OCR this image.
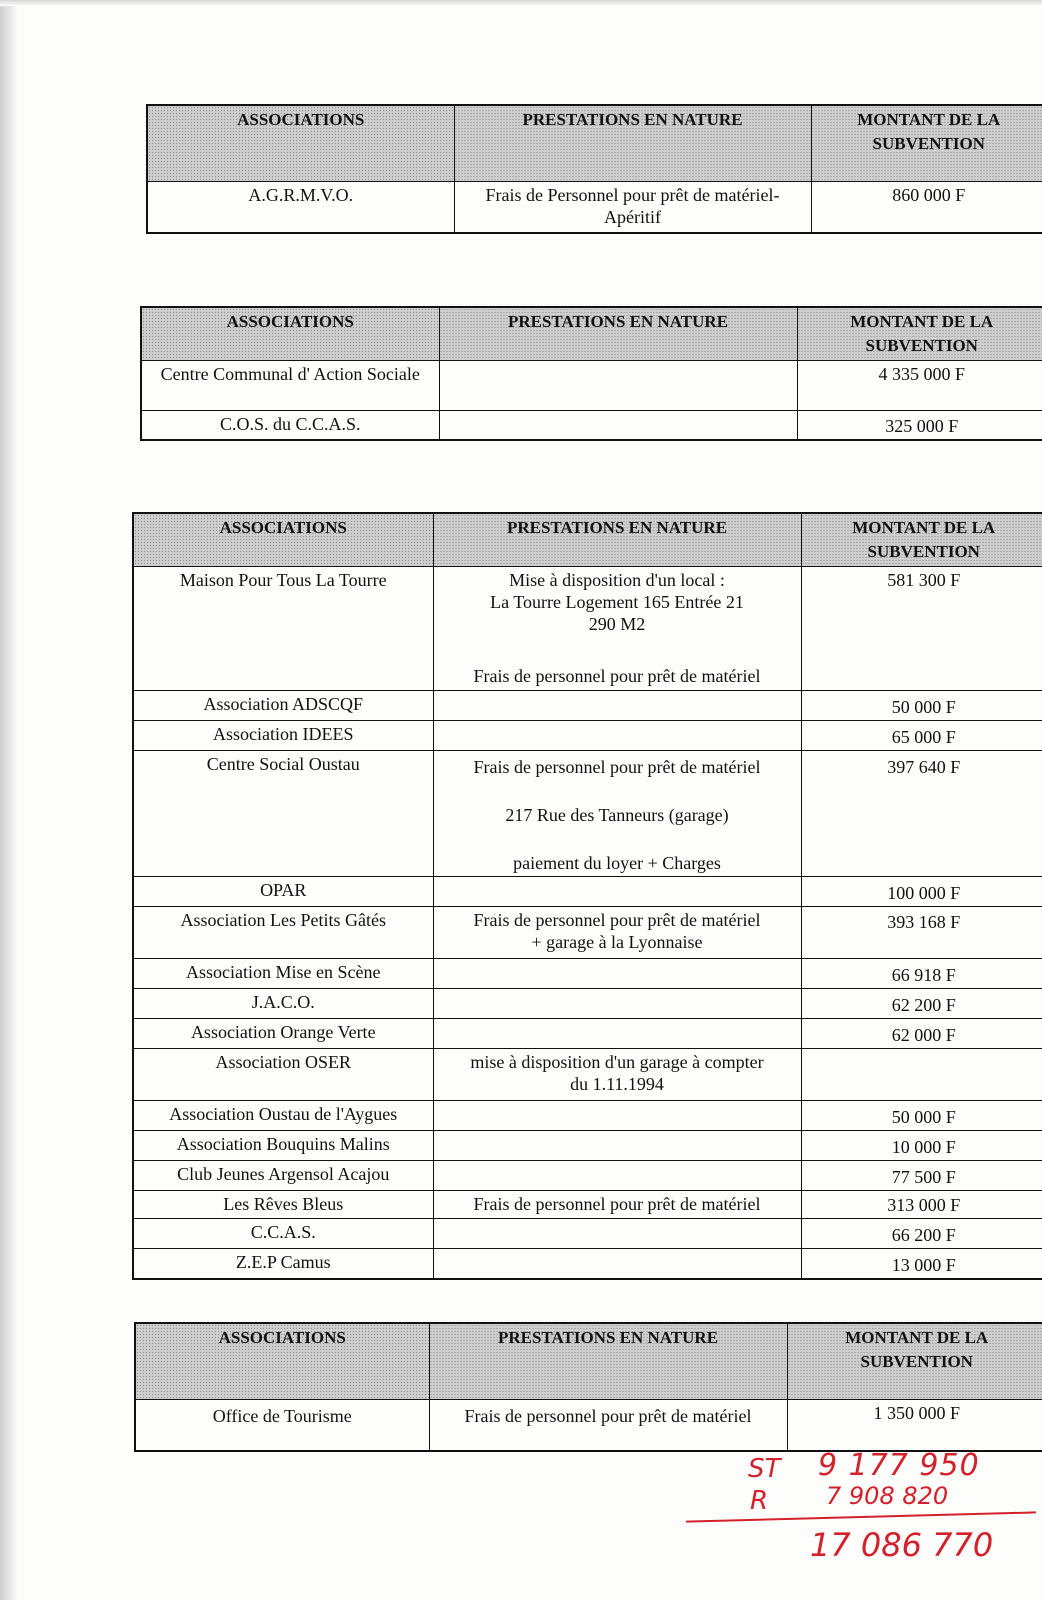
ASSOCIATIONS	PRESTATIONS EN NATURE	MONTANT DE LA
SUBVENTION
A.G.R.M.V.O.	Frais de Personnel pour prêt de matériel- Apéritif	860 000 F
ASSOCIATIONS	PRESTATIONS EN NATURE	MONTANT DE LA
SUBVENTION
Centre Communal d' Action Sociale		4 335 000 F
C.O.S. du C.C.A.S.		325 000 F
ASSOCIATIONS	PRESTATIONS EN NATURE	MONTANT DE LA
SUBVENTION
Maison Pour Tous La Tourre	Mise à disposition d'un local :
La Tourre Logement 165 Entrée 21
290 M2
Frais de personnel pour prêt de matériel	581 300 F
Association ADSCQF		50 000 F
Association IDEES		65 000 F
Centre Social Oustau	Frais de personnel pour prêt de matériel
217 Rue des Tanneurs (garage)
paiement du loyer + Charges	397 640 F
OPAR		100 000 F
Association Les Petits Gâtés	Frais de personnel pour prêt de matériel
+ garage à la Lyonnaise	393 168 F
Association Mise en Scène		66 918 F
J.A.C.O.		62 200 F
Association Orange Verte		62 000 F
Association OSER	mise à disposition d'un garage à compter
du 1.11.1994	

Association Oustau de l'Aygues		50 000 F
Association Bouquins Malins		10 000 F
Club Jeunes Argensol Acajou		77 500 F
Les Rêves Bleus	Frais de personnel pour prêt de matériel	313 000 F
C.C.A.S.		66 200 F
Z.E.P Camus		13 000 F
ASSOCIATIONS	PRESTATIONS EN NATURE	MONTANT DE LA
SUBVENTION
Office de Tourisme	Frais de personnel pour prêt de matériel	1 350 000 F
ST 9 177 950
R 7 908 820
17 086 770
